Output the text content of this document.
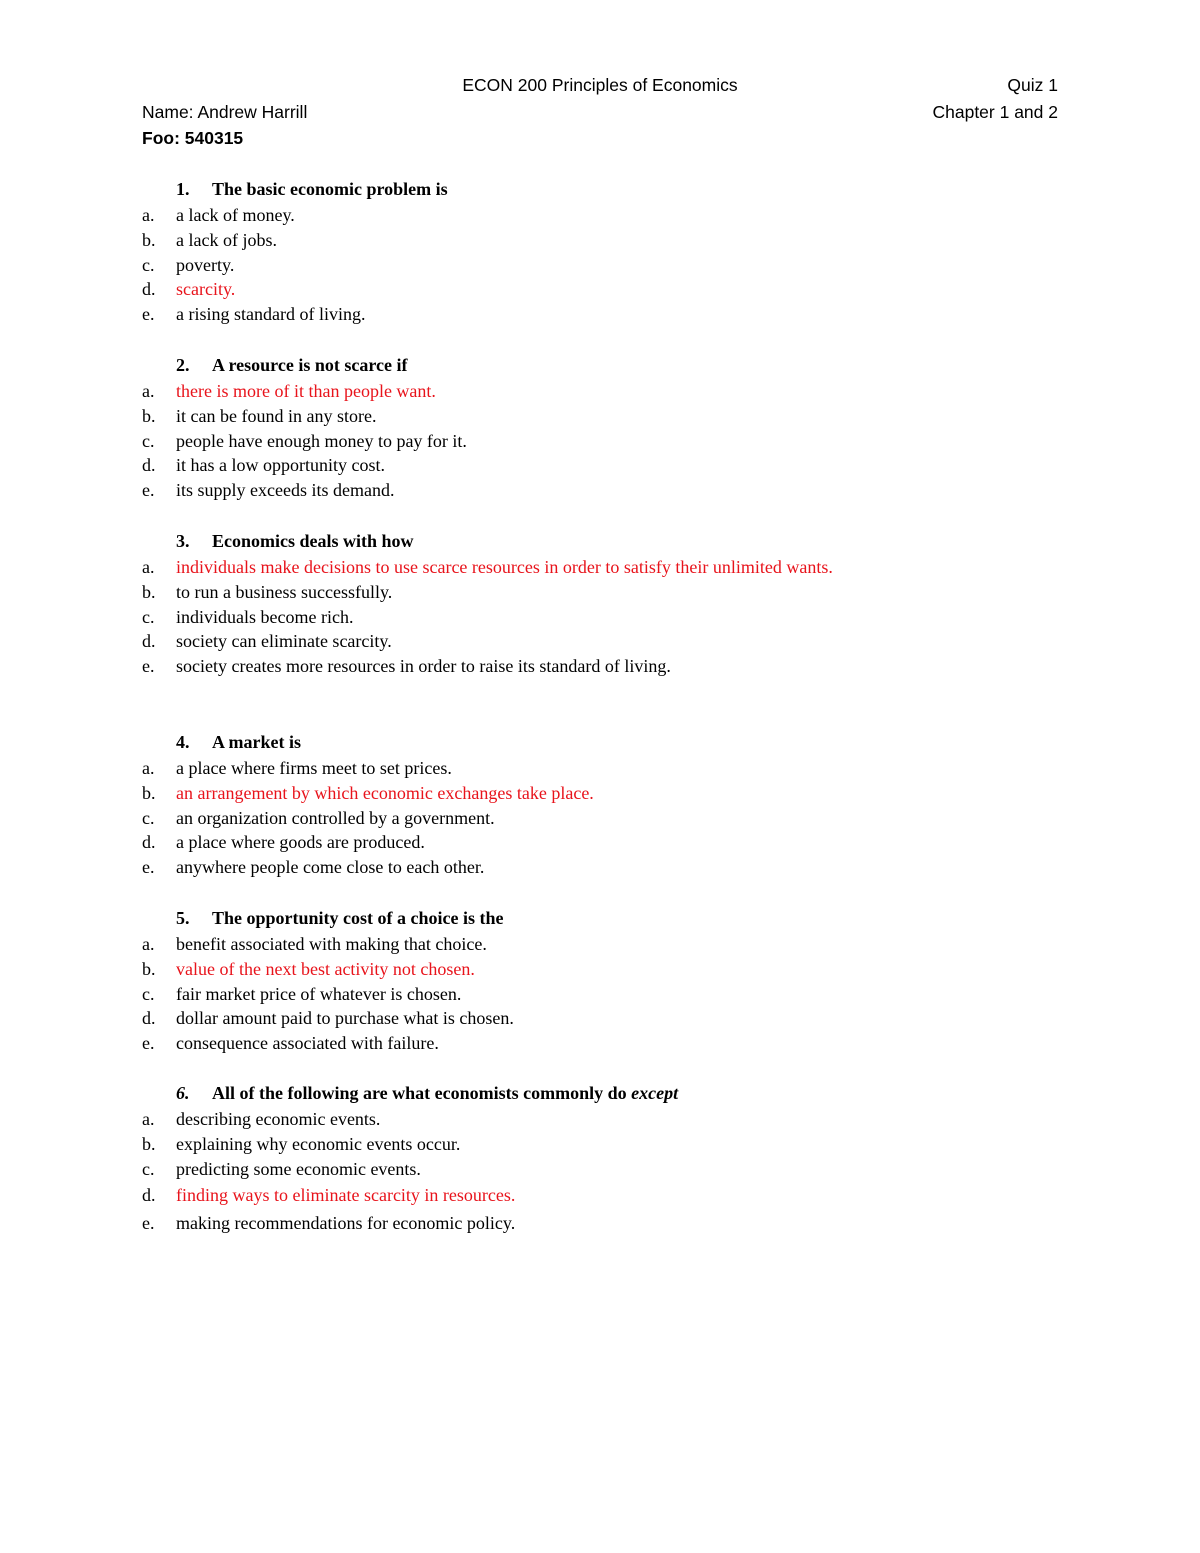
ECON 200 Principles of Economics	Quiz 1
Name: Andrew Harrill	Chapter 1 and 2
Foo: 540315
1. The basic economic problem is
a. a lack of money.
b. a lack of jobs.
c. poverty.
d. scarcity.
e. a rising standard of living.
2. A resource is not scarce if
a. there is more of it than people want.
b. it can be found in any store.
c. people have enough money to pay for it.
d. it has a low opportunity cost.
e. its supply exceeds its demand.
3. Economics deals with how
a. individuals make decisions to use scarce resources in order to satisfy their unlimited wants.
b. to run a business successfully.
c. individuals become rich.
d. society can eliminate scarcity.
e. society creates more resources in order to raise its standard of living.
4. A market is
a. a place where firms meet to set prices.
b. an arrangement by which economic exchanges take place.
c. an organization controlled by a government.
d. a place where goods are produced.
e. anywhere people come close to each other.
5. The opportunity cost of a choice is the
a. benefit associated with making that choice.
b. value of the next best activity not chosen.
c. fair market price of whatever is chosen.
d. dollar amount paid to purchase what is chosen.
e. consequence associated with failure.
6. All of the following are what economists commonly do except
a. describing economic events.
b. explaining why economic events occur.
c. predicting some economic events.
d. finding ways to eliminate scarcity in resources.
e. making recommendations for economic policy.
